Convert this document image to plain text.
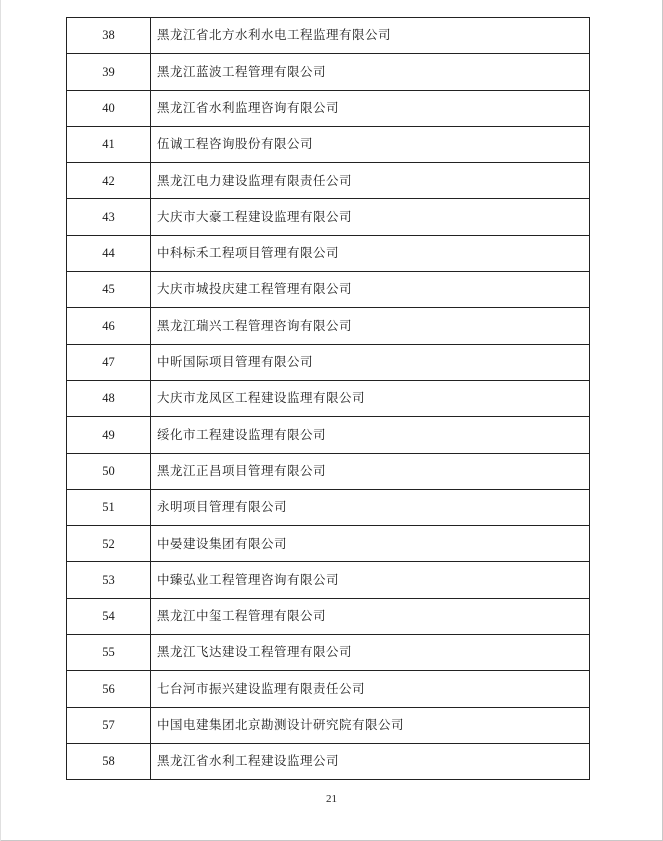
38	黑龙江省北方水利水电工程监理有限公司
39	黑龙江蓝波工程管理有限公司
40	黑龙江省水利监理咨询有限公司
41	伍诚工程咨询股份有限公司
42	黑龙江电力建设监理有限责任公司
43	大庆市大豪工程建设监理有限公司
44	中科标禾工程项目管理有限公司
45	大庆市城投庆建工程管理有限公司
46	黑龙江瑞兴工程管理咨询有限公司
47	中昕国际项目管理有限公司
48	大庆市龙凤区工程建设监理有限公司
49	绥化市工程建设监理有限公司
50	黑龙江正昌项目管理有限公司
51	永明项目管理有限公司
52	中晏建设集团有限公司
53	中臻弘业工程管理咨询有限公司
54	黑龙江中玺工程管理有限公司
55	黑龙江飞达建设工程管理有限公司
56	七台河市振兴建设监理有限责任公司
57	中国电建集团北京勘测设计研究院有限公司
58	黑龙江省水利工程建设监理公司
21
